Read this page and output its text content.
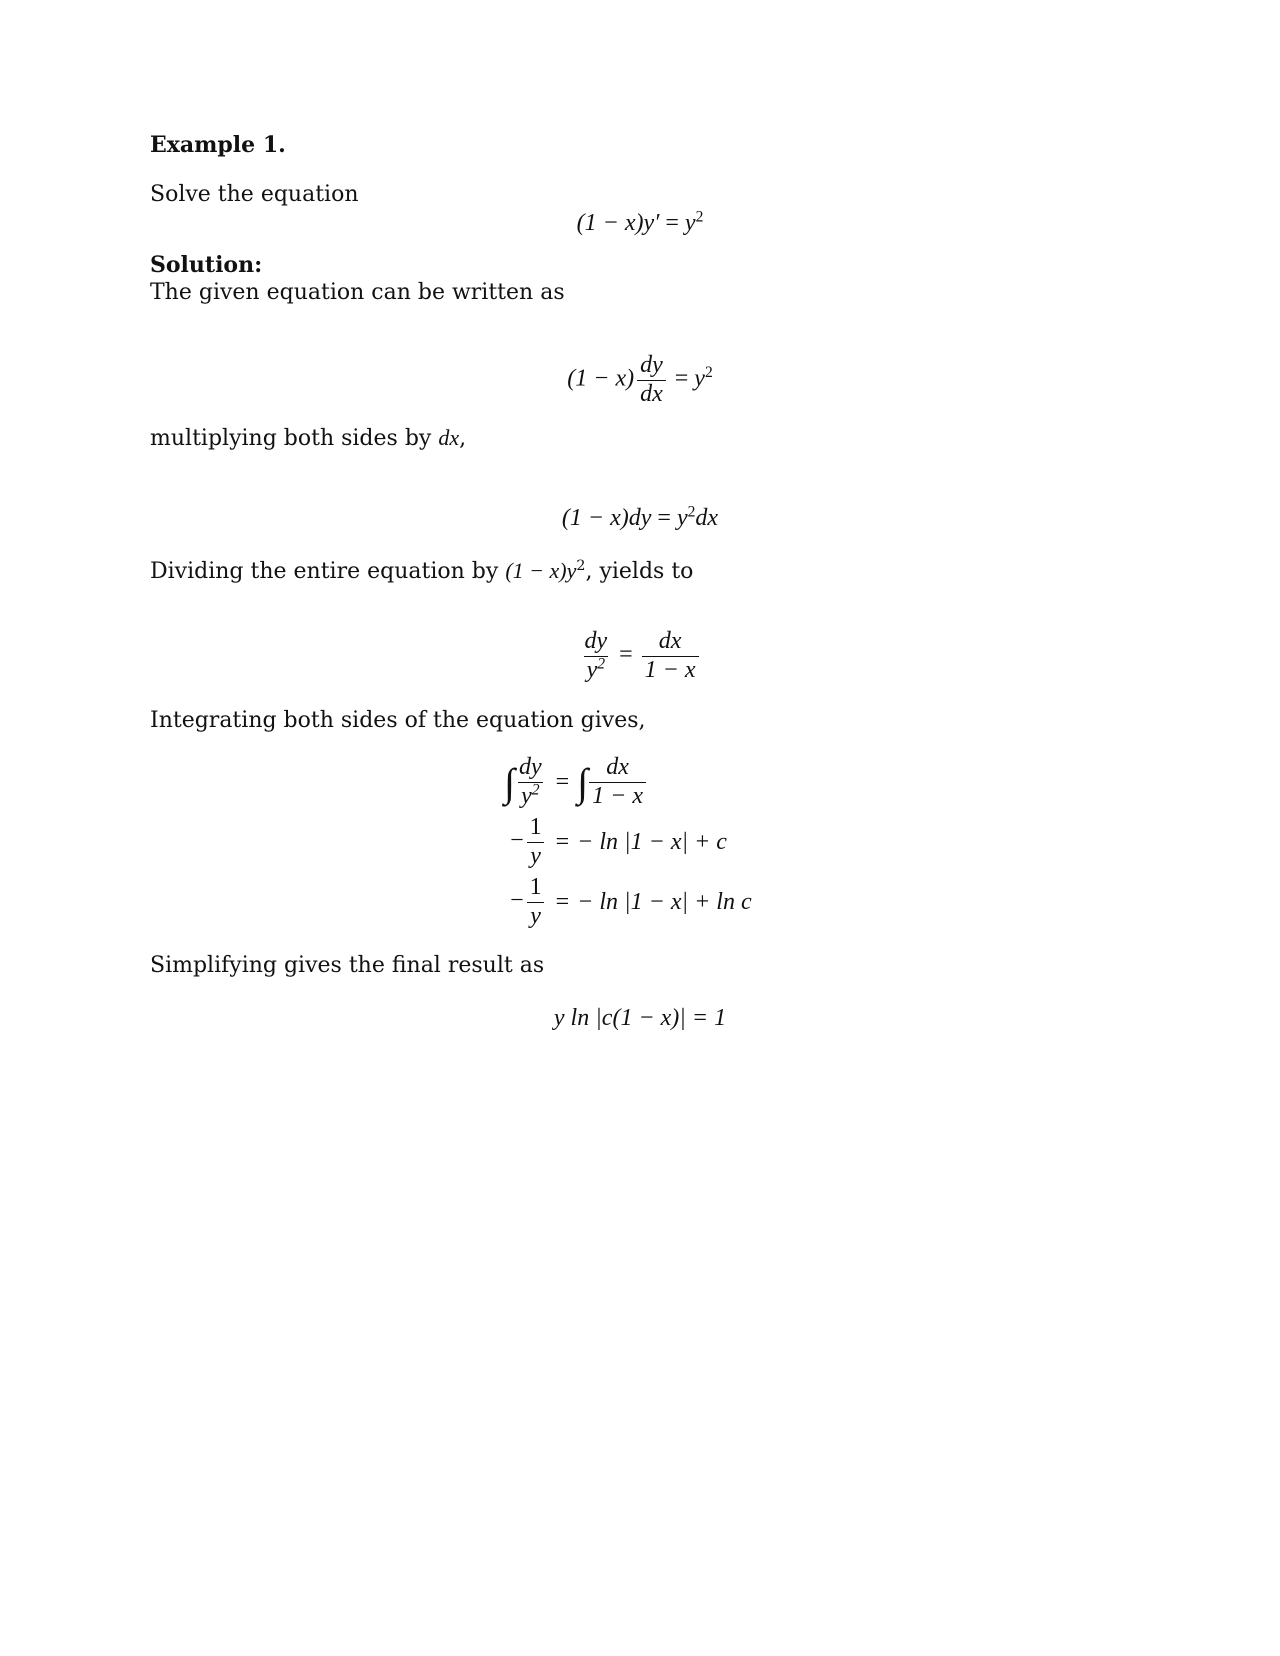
Example 1.
Solve the equation
$(1 - x)y' = y^2$
Solution:
The given equation can be written as
$(1 - x) \frac{dy}{dx} = y^2$
multiplying both sides by dx,
$(1 - x)dy = y^2dx$
Dividing the entire equation by $(1 - x)y^2$, yields to
$\frac{dy}{y^2} = \frac{dx}{1 - x}$
Integrating both sides of the equation gives,
∫ $\frac{dy}{y^2}$	=	∫ $\frac{dx}{1 - x}$

− $\frac{1}{y}$	=	− ln |1 − x| + c
− $\frac{1}{y}$	=	− ln |1 − x| + ln c
Simplifying gives the final result as
y ln |c(1 − x)| = 1
